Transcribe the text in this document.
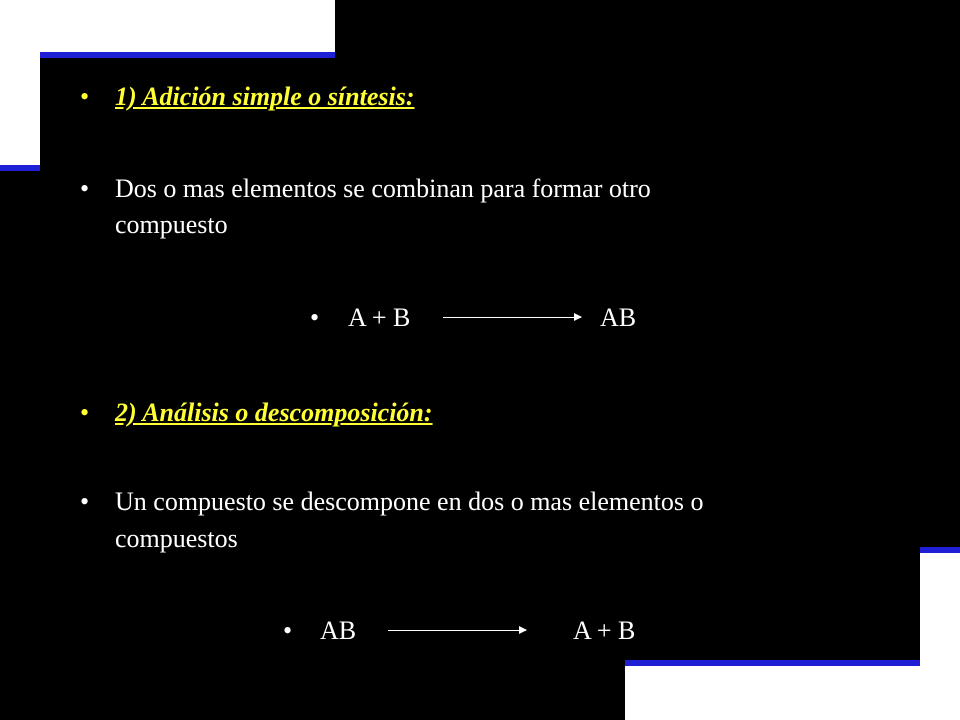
• 1) Adición simple o síntesis:
• Dos o mas elementos se combinan para formar otro
compuesto
• A + B	AB
• 2) Análisis o descomposición:
• Un compuesto se descompone en dos o mas elementos o
compuestos
• AB	A + B
